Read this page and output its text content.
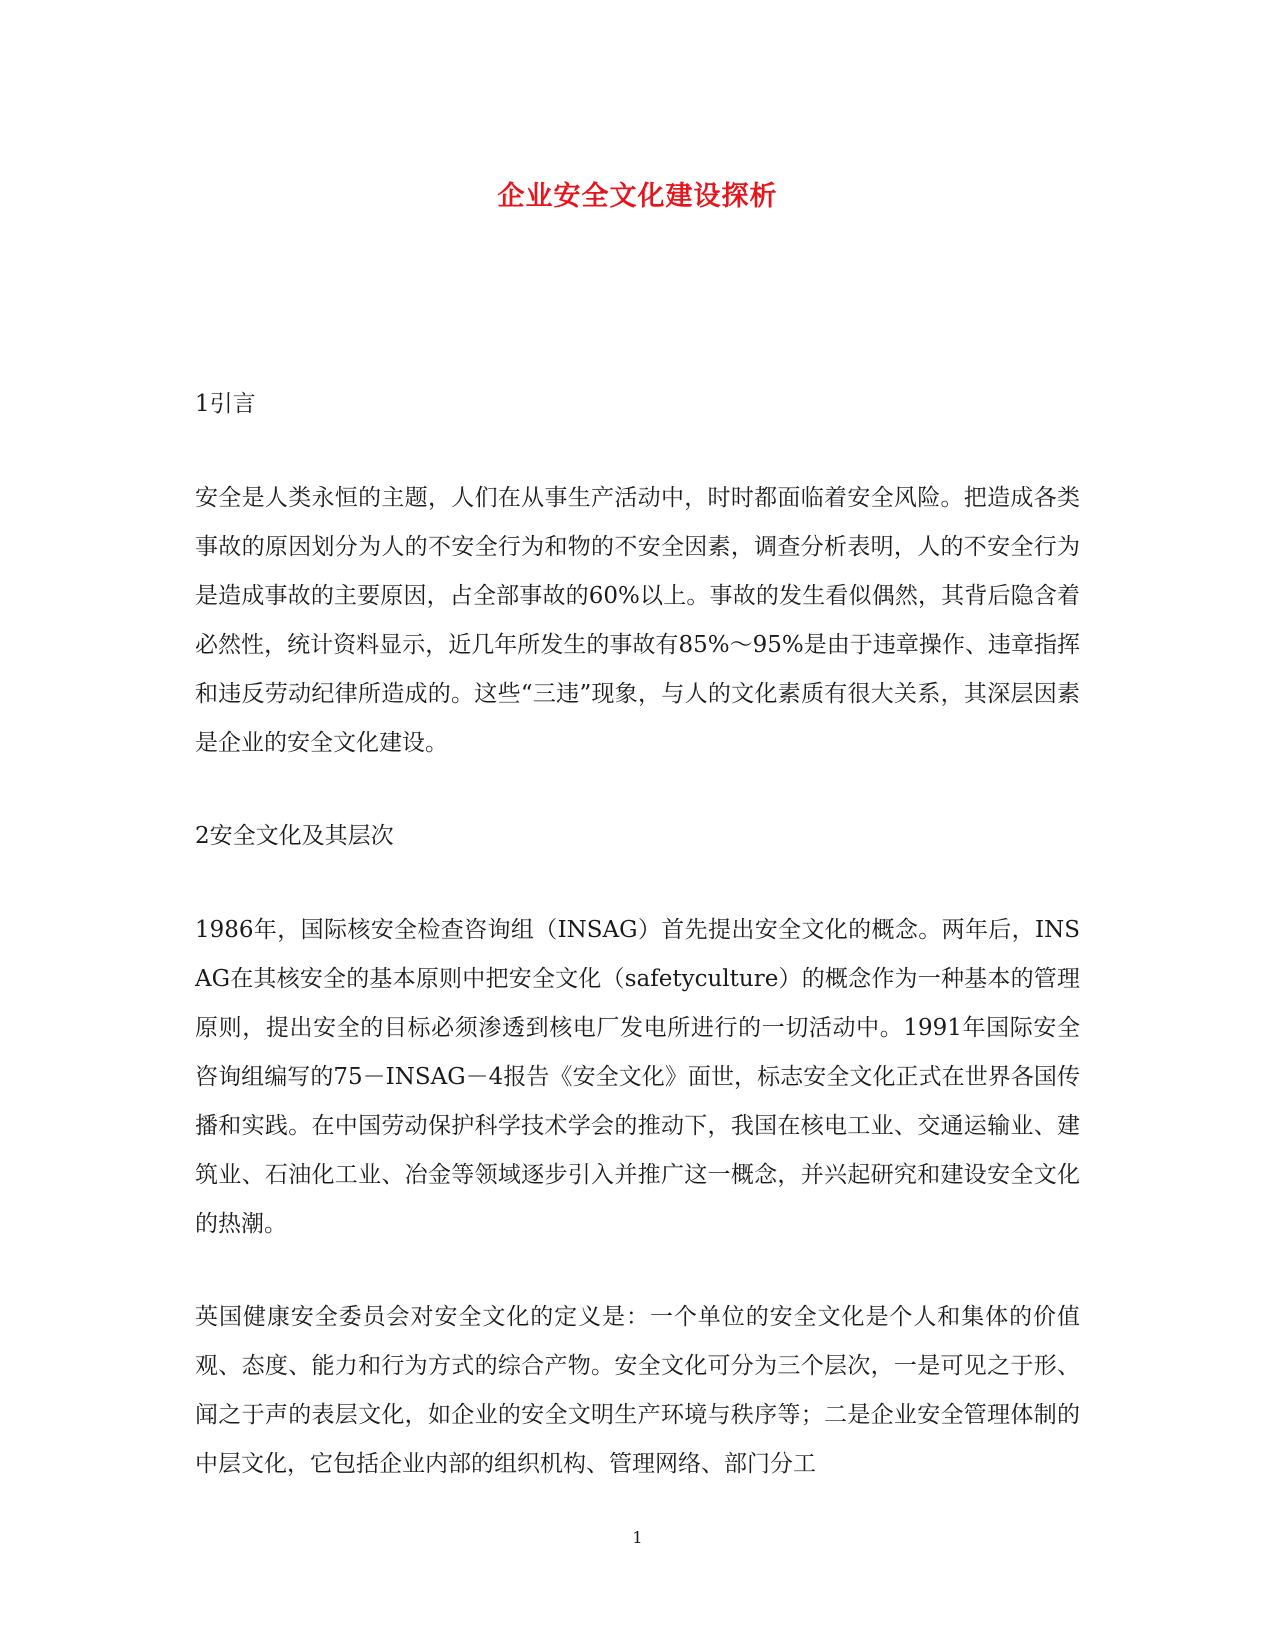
企业安全文化建设探析

1引言

安全是人类永恒的主题，人们在从事生产活动中，时时都面临着安全风险。把造成各类事故的原因划分为人的不安全行为和物的不安全因素，调查分析表明，人的不安全行为是造成事故的主要原因，占全部事故的60%以上。事故的发生看似偶然，其背后隐含着必然性，统计资料显示，近几年所发生的事故有85%～95%是由于违章操作、违章指挥和违反劳动纪律所造成的。这些“三违”现象，与人的文化素质有很大关系，其深层因素是企业的安全文化建设。

2安全文化及其层次

1986年，国际核安全检查咨询组（INSAG）首先提出安全文化的概念。两年后，INSAG在其核安全的基本原则中把安全文化（safetyculture）的概念作为一种基本的管理原则，提出安全的目标必须渗透到核电厂发电所进行的一切活动中。1991年国际安全咨询组编写的75－INSAG－4报告《安全文化》面世，标志安全文化正式在世界各国传播和实践。在中国劳动保护科学技术学会的推动下，我国在核电工业、交通运输业、建筑业、石油化工业、冶金等领域逐步引入并推广这一概念，并兴起研究和建设安全文化的热潮。

英国健康安全委员会对安全文化的定义是：一个单位的安全文化是个人和集体的价值观、态度、能力和行为方式的综合产物。安全文化可分为三个层次，一是可见之于形、闻之于声的表层文化，如企业的安全文明生产环境与秩序等；二是企业安全管理体制的中层文化，它包括企业内部的组织机构、管理网络、部门分工

1
